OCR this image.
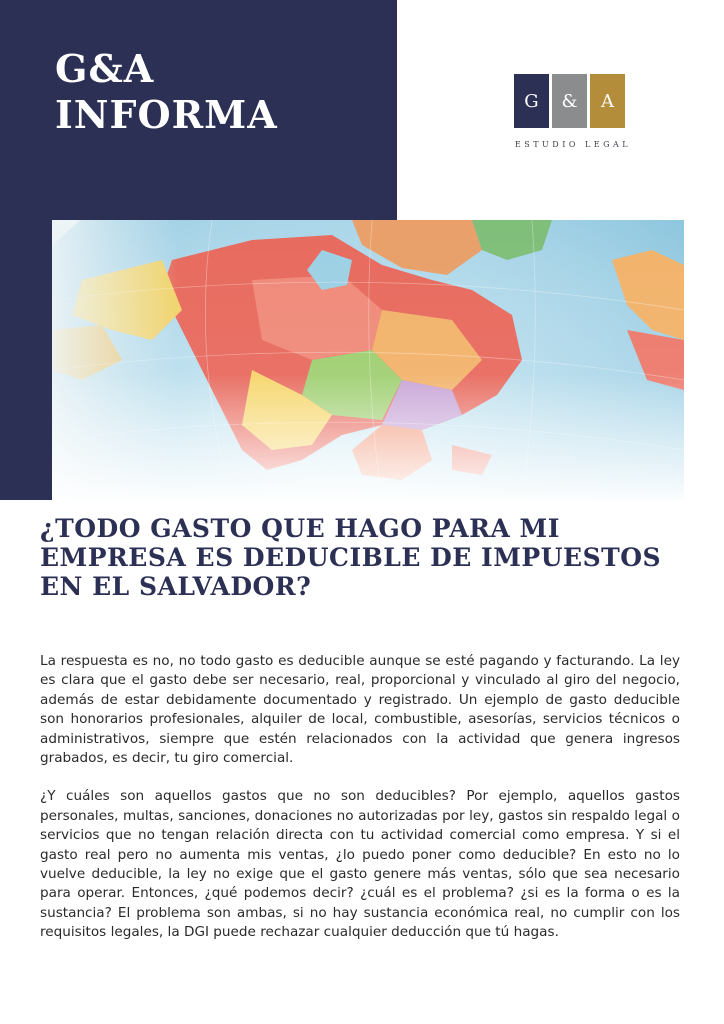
G&A
INFORMA	G	&	A
ESTUDIO LEGAL
¿TODO GASTO QUE HAGO PARA MI EMPRESA ES DEDUCIBLE DE IMPUESTOS EN EL SALVADOR?

La respuesta es no, no todo gasto es deducible aunque se esté pagando y facturando. La ley es clara que el gasto debe ser necesario, real, proporcional y vinculado al giro del negocio, además de estar debidamente documentado y registrado. Un ejemplo de gasto deducible son honorarios profesionales, alquiler de local, combustible, asesorías, servicios técnicos o administrativos, siempre que estén relacionados con la actividad que genera ingresos grabados, es decir, tu giro comercial.

¿Y cuáles son aquellos gastos que no son deducibles? Por ejemplo, aquellos gastos personales, multas, sanciones, donaciones no autorizadas por ley, gastos sin respaldo legal o servicios que no tengan relación directa con tu actividad comercial como empresa. Y si el gasto real pero no aumenta mis ventas, ¿lo puedo poner como deducible? En esto no lo vuelve deducible, la ley no exige que el gasto genere más ventas, sólo que sea necesario para operar. Entonces, ¿qué podemos decir? ¿cuál es el problema? ¿si es la forma o es la sustancia? El problema son ambas, si no hay sustancia económica real, no cumplir con los requisitos legales, la DGI puede rechazar cualquier deducción que tú hagas.
